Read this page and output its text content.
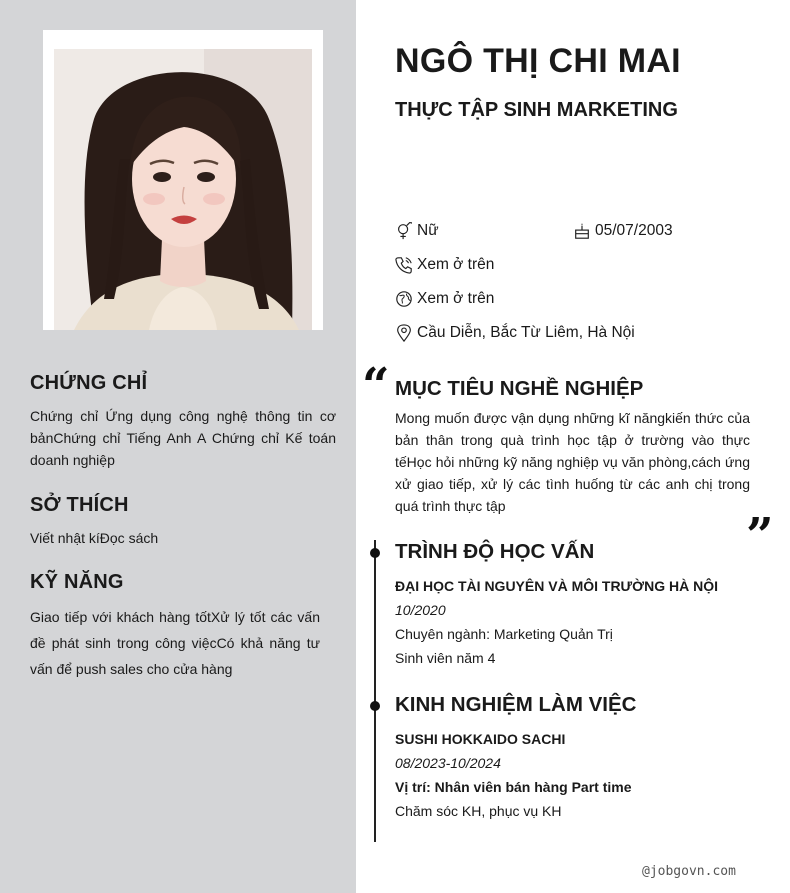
CHỨNG CHỈ

Chứng chỉ Ứng dụng công nghệ thông tin cơ bảnChứng chỉ Tiếng Anh A Chứng chỉ Kế toán doanh nghiệp

SỞ THÍCH

Viết nhật kíĐọc sách

KỸ NĂNG

Giao tiếp với khách hàng tốtXử lý tốt các vấn đề phát sinh trong công việcCó khả năng tư vấn để push sales cho cửa hàng

NGÔ THỊ CHI MAI
THỰC TẬP SINH MARKETING
Nữ	05/07/2003
Xem ở trên
Xem ở trên
Cầu Diễn, Bắc Từ Liêm, Hà Nội
“ MỤC TIÊU NGHỀ NGHIỆP

Mong muốn được vận dụng những kĩ năngkiến thức của bản thân trong quà trình học tập ở trường vào thực tếHọc hỏi những kỹ năng nghiệp vụ văn phòng,cách ứng xử giao tiếp, xử lý các tình huống từ các anh chị trong quá trình thực tập

”
TRÌNH ĐỘ HỌC VẤN
ĐẠI HỌC TÀI NGUYÊN VÀ MÔI TRƯỜNG HÀ NỘI
10/2020
Chuyên ngành: Marketing Quản Trị
Sinh viên năm 4
KINH NGHIỆM LÀM VIỆC
SUSHI HOKKAIDO SACHI
08/2023-10/2024
Vị trí: Nhân viên bán hàng Part time
Chăm sóc KH, phục vụ KH
@jobgovn.com
